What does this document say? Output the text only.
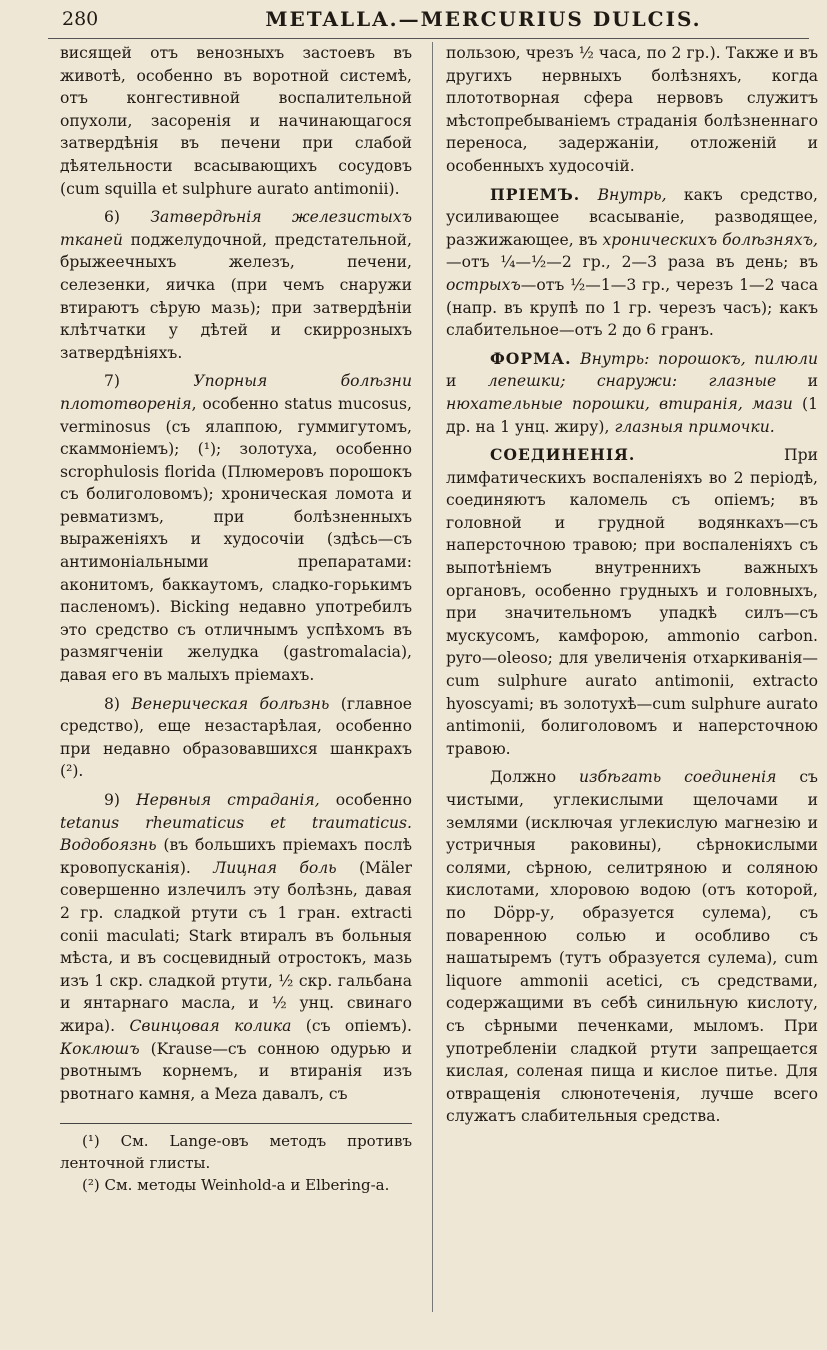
280	METALLA.—MERCURIUS DULCIS.

висящей отъ венозныхъ застоевъ въ животѣ, особенно въ воротной системѣ, отъ конгестивной воспалительной опухоли, засоренія и начинающагося затвердѣнія въ печени при слабой дѣятельности всасывающихъ сосудовъ (cum squilla et sulphure aurato antimonii).

6) Затвердѣнія железистыхъ тканей поджелудочной, предстательной, брыжеечныхъ железъ, печени, селезенки, яичка (при чемъ снаружи втираютъ сѣрую мазь); при затвердѣніи клѣтчатки у дѣтей и скиррозныхъ затвердѣніяхъ.

7) Упорныя болѣзни плототворенія, особенно status mucosus, verminosus (съ ялаппою, гуммигутомъ, скаммоніемъ); (¹); золотуха, особенно scrophulosis florida (Плюмеровъ порошокъ съ болиголовомъ); хроническая ломота и ревматизмъ, при болѣзненныхъ выраженіяхъ и худосочіи (здѣсь—съ антимоніальными препаратами: аконитомъ, баккаутомъ, сладко-горькимъ пасленомъ). Bicking недавно употребилъ это средство съ отличнымъ успѣхомъ въ размягченіи желудка (gastromalacia), давая его въ малыхъ пріемахъ.

8) Венерическая болѣзнь (главное средство), еще незастарѣлая, особенно при недавно образовавшихся шанкрахъ (²).

9) Нервныя страданія, особенно tetanus rheumaticus et traumaticus. Водобоязнь (въ большихъ пріемахъ послѣ кровопусканія). Лицная боль (Mäler совершенно излечилъ эту болѣзнь, давая 2 гр. сладкой ртути съ 1 гран. extracti conii maculati; Stark втиралъ въ больныя мѣста, и въ сосцевидный отростокъ, мазь изъ 1 скр. сладкой ртути, ½ скр. гальбана и янтарнаго масла, и ½ унц. свинаго жира). Свинцовая колика (съ опіемъ). Коклюшъ (Krause—съ сонною одурью и рвотнымъ корнемъ, и втиранія изъ рвотнаго камня, а Meza давалъ, съ

(¹) См. Lange-овъ методъ противъ ленточной глисты.

(²) См. методы Weinhold-а и Elberіng-а.

пользою, чрезъ ½ часа, по 2 гр.). Также и въ другихъ нервныхъ болѣзняхъ, когда плототворная сфера нервовъ служитъ мѣстопребываніемъ страданія болѣзненнаго переноса, задержаніи, отложеній и особенныхъ худосочій.

ПРІЕМЪ. Внутрь, какъ средство, усиливающее всасываніе, разводящее, разжижающее, въ хроническихъ болѣзняхъ,—отъ ¼—½—2 гр., 2—3 раза въ день; въ острыхъ—отъ ½—1—3 гр., черезъ 1—2 часа (напр. въ крупѣ по 1 гр. черезъ часъ); какъ слабительное—отъ 2 до 6 гранъ.

ФОРМА. Внутрь: порошокъ, пилюли и лепешки; снаружи: глазные и нюхательные порошки, втиранія, мази (1 др. на 1 унц. жиру), глазныя примочки.

СОЕДИНЕНІЯ. При лимфатическихъ воспаленіяхъ во 2 періодѣ, соединяютъ каломель съ опіемъ; въ головной и грудной водянкахъ—съ наперсточною травою; при воспаленіяхъ съ выпотѣніемъ внутреннихъ важныхъ органовъ, особенно грудныхъ и головныхъ, при значительномъ упадкѣ силъ—съ мускусомъ, камфорою, ammonio carbon. pyro—oleoso; для увеличенія отхаркиванія—cum sulphure aurato antimonii, extracto hyoscyami; въ золотухѣ—cum sulphure aurato antimonii, болиголовомъ и наперсточною травою.

Должно избѣгать соединенія съ чистыми, углекислыми щелочами и землями (исключая углекислую магнезію и устричныя раковины), сѣрнокислыми солями, сѣрною, селитряною и соляною кислотами, хлоровою водою (отъ которой, по Döpp-у, образуется сулема), съ поваренною солью и особливо съ нашатыремъ (тутъ образуется сулема), cum liquore ammonii acetici, съ средствами, содержащими въ себѣ синильную кислоту, съ сѣрными печенками, мыломъ. При употребленіи сладкой ртути запрещается кислая, соленая пища и кислое питье. Для отвращенія слюнотеченія, лучше всего служатъ слабительныя средства.
